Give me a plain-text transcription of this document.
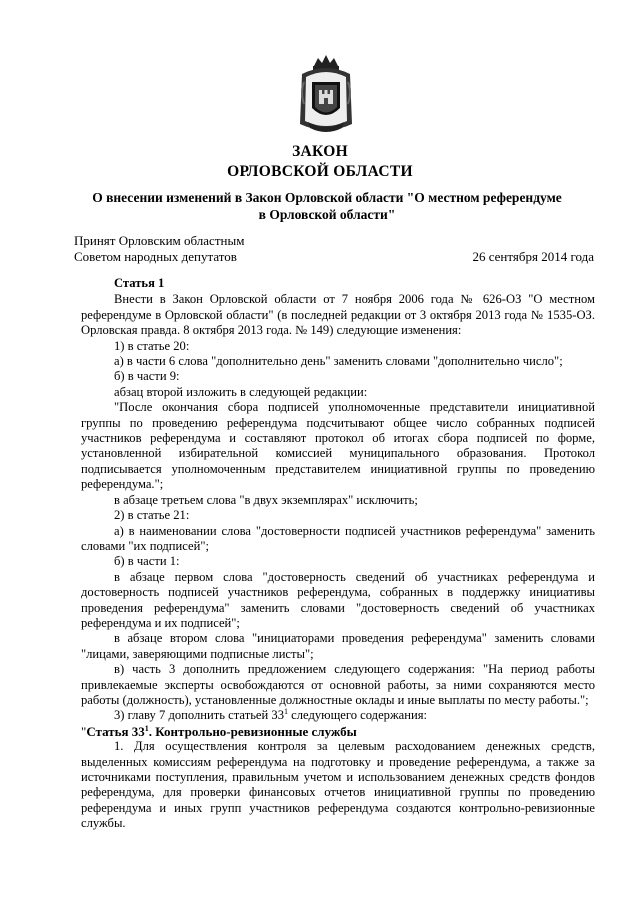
ЗАКОН
ОРЛОВСКОЙ ОБЛАСТИ
О внесении изменений в Закон Орловской области "О местном референдуме
в Орловской области"
Принят Орловским областным
Советом народных депутатов	26 сентября 2014 года

Статья 1

Внести в Закон Орловской области от 7 ноября 2006 года № 626-ОЗ "О местном референдуме в Орловской области" (в последней редакции от 3 октября 2013 года № 1535-ОЗ. Орловская правда. 8 октября 2013 года. № 149) следующие изменения:

1) в статье 20:

а) в части 6 слова "дополнительно день" заменить словами "дополнительно число";

б) в части 9:

абзац второй изложить в следующей редакции:

"После окончания сбора подписей уполномоченные представители инициативной группы по проведению референдума подсчитывают общее число собранных подписей участников референдума и составляют протокол об итогах сбора подписей по форме, установленной избирательной комиссией муниципального образования. Протокол подписывается уполномоченным представителем инициативной группы по проведению референдума.";

в абзаце третьем слова "в двух экземплярах" исключить;

2) в статье 21:

а) в наименовании слова "достоверности подписей участников референдума" заменить словами "их подписей";

б) в части 1:

в абзаце первом слова "достоверность сведений об участниках референдума и достоверность подписей участников референдума, собранных в поддержку инициативы проведения референдума" заменить словами "достоверность сведений об участниках референдума и их подписей";

в абзаце втором слова "инициаторами проведения референдума" заменить словами "лицами, заверяющими подписные листы";

в) часть 3 дополнить предложением следующего содержания: "На период работы привлекаемые эксперты освобождаются от основной работы, за ними сохраняются место работы (должность), установленные должностные оклады и иные выплаты по месту работы.";

3) главу 7 дополнить статьей $33^1$ следующего содержания:

"Статья $33^1$. Контрольно-ревизионные службы

1. Для осуществления контроля за целевым расходованием денежных средств, выделенных комиссиям референдума на подготовку и проведение референдума, а также за источниками поступления, правильным учетом и использованием денежных средств фондов референдума, для проверки финансовых отчетов инициативной группы по проведению референдума и иных групп участников референдума создаются контрольно-ревизионные службы.
